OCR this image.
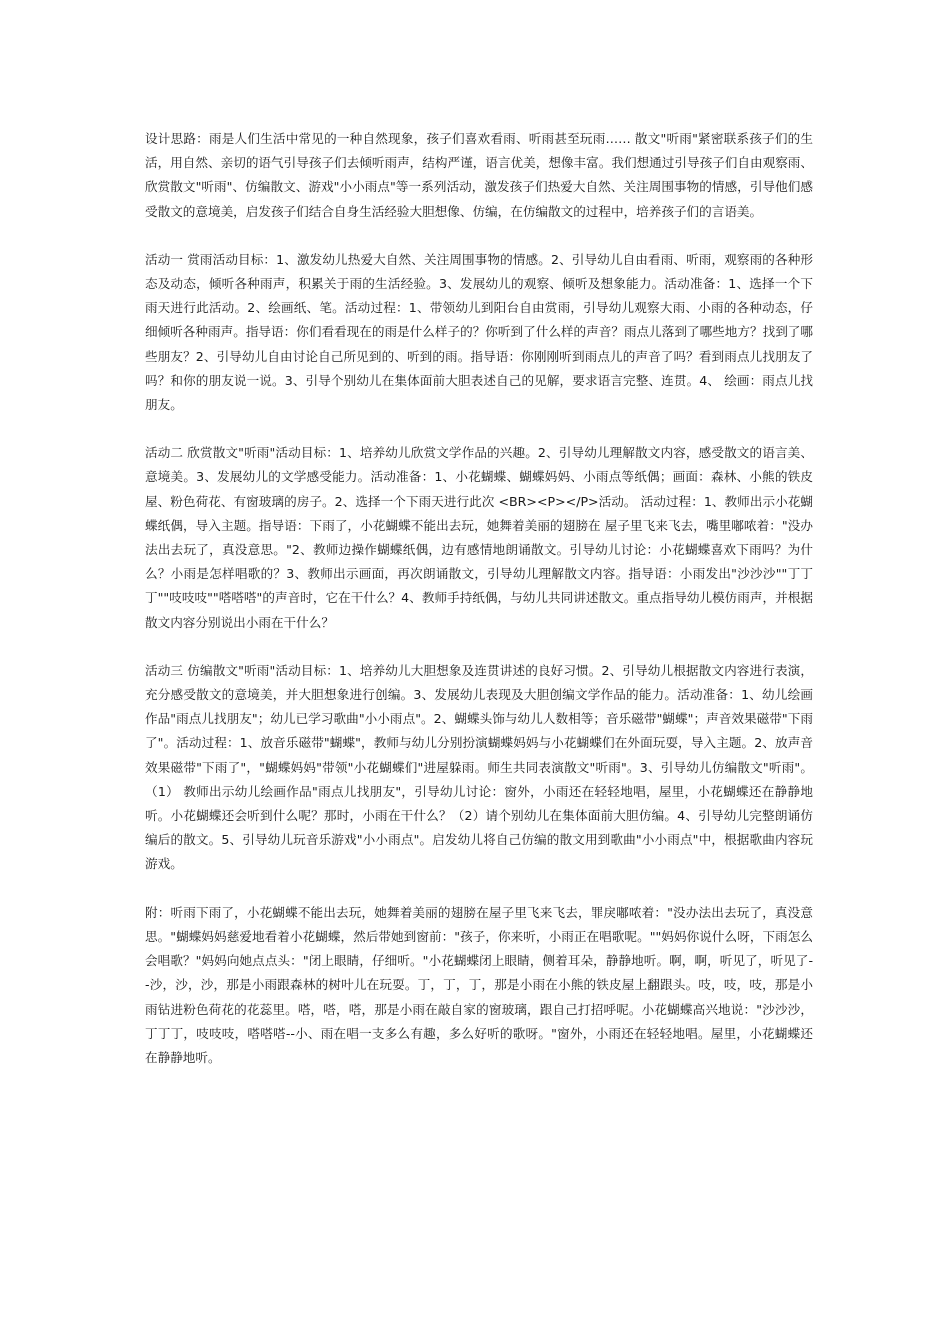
设计思路：雨是人们生活中常见的一种自然现象，孩子们喜欢看雨、听雨甚至玩雨…… 散文"听雨"紧密联系孩子们的生活，用自然、亲切的语气引导孩子们去倾听雨声，结构严谨，语言优美，想像丰富。我们想通过引导孩子们自由观察雨、欣赏散文"听雨"、仿编散文、游戏"小小雨点"等一系列活动，激发孩子们热爱大自然、关注周围事物的情感，引导他们感受散文的意境美，启发孩子们结合自身生活经验大胆想像、仿编，在仿编散文的过程中，培养孩子们的言语美。

活动一 赏雨活动目标：1、激发幼儿热爱大自然、关注周围事物的情感。2、引导幼儿自由看雨、听雨，观察雨的各种形态及动态，倾听各种雨声，积累关于雨的生活经验。3、发展幼儿的观察、倾听及想象能力。活动准备：1、选择一个下雨天进行此活动。2、绘画纸、笔。活动过程：1、带领幼儿到阳台自由赏雨，引导幼儿观察大雨、小雨的各种动态，仔细倾听各种雨声。指导语：你们看看现在的雨是什么样子的？你听到了什么样的声音？雨点儿落到了哪些地方？找到了哪些朋友？2、引导幼儿自由讨论自己所见到的、听到的雨。指导语：你刚刚听到雨点儿的声音了吗？看到雨点儿找朋友了吗？和你的朋友说一说。3、引导个别幼儿在集体面前大胆表述自己的见解，要求语言完整、连贯。4、 绘画：雨点儿找朋友。

活动二 欣赏散文"听雨"活动目标：1、培养幼儿欣赏文学作品的兴趣。2、引导幼儿理解散文内容，感受散文的语言美、意境美。3、发展幼儿的文学感受能力。活动准备：1、小花蝴蝶、蝴蝶妈妈、小雨点等纸偶；画面：森林、小熊的铁皮屋、粉色荷花、有窗玻璃的房子。2、选择一个下雨天进行此次 <BR><P></P>活动。 活动过程：1、教师出示小花蝴蝶纸偶，导入主题。指导语：下雨了，小花蝴蝶不能出去玩，她舞着美丽的翅膀在 屋子里飞来飞去，嘴里嘟哝着："没办法出去玩了，真没意思。"2、教师边操作蝴蝶纸偶，边有感情地朗诵散文。引导幼儿讨论：小花蝴蝶喜欢下雨吗？为什么？小雨是怎样唱歌的？3、教师出示画面，再次朗诵散文，引导幼儿理解散文内容。指导语：小雨发出"沙沙沙""丁丁丁""吱吱吱""嗒嗒嗒"的声音时，它在干什么？4、教师手持纸偶，与幼儿共同讲述散文。重点指导幼儿模仿雨声，并根据散文内容分别说出小雨在干什么？

活动三 仿编散文"听雨"活动目标：1、培养幼儿大胆想象及连贯讲述的良好习惯。2、引导幼儿根据散文内容进行表演，充分感受散文的意境美，并大胆想象进行创编。3、发展幼儿表现及大胆创编文学作品的能力。活动准备：1、幼儿绘画作品"雨点儿找朋友"；幼儿已学习歌曲"小小雨点"。2、蝴蝶头饰与幼儿人数相等；音乐磁带"蝴蝶"；声音效果磁带"下雨了"。活动过程：1、放音乐磁带"蝴蝶"，教师与幼儿分别扮演蝴蝶妈妈与小花蝴蝶们在外面玩耍，导入主题。2、放声音效果磁带"下雨了"，"蝴蝶妈妈"带领"小花蝴蝶们"进屋躲雨。师生共同表演散文"听雨"。3、引导幼儿仿编散文"听雨"。（1） 教师出示幼儿绘画作品"雨点儿找朋友"，引导幼儿讨论：窗外，小雨还在轻轻地唱，屋里，小花蝴蝶还在静静地听。小花蝴蝶还会听到什么呢？那时，小雨在干什么？（2）请个别幼儿在集体面前大胆仿编。4、引导幼儿完整朗诵仿编后的散文。5、引导幼儿玩音乐游戏"小小雨点"。启发幼儿将自己仿编的散文用到歌曲"小小雨点"中，根据歌曲内容玩游戏。

附：听雨下雨了，小花蝴蝶不能出去玩，她舞着美丽的翅膀在屋子里飞来飞去，罪戾嘟哝着："没办法出去玩了，真没意思。"蝴蝶妈妈慈爱地看着小花蝴蝶，然后带她到窗前："孩子，你来听，小雨正在唱歌呢。""妈妈你说什么呀，下雨怎么会唱歌？"妈妈向她点点头："闭上眼睛，仔细听。"小花蝴蝶闭上眼睛，侧着耳朵，静静地听。啊，啊，听见了，听见了--沙，沙，沙，那是小雨跟森林的树叶儿在玩耍。丁，丁，丁，那是小雨在小熊的铁皮屋上翻跟头。吱，吱，吱，那是小雨钻进粉色荷花的花蕊里。嗒，嗒，嗒，那是小雨在敲自家的窗玻璃，跟自己打招呼呢。小花蝴蝶高兴地说："沙沙沙，丁丁丁，吱吱吱，嗒嗒嗒--小、雨在唱一支多么有趣，多么好听的歌呀。"窗外，小雨还在轻轻地唱。屋里，小花蝴蝶还在静静地听。
